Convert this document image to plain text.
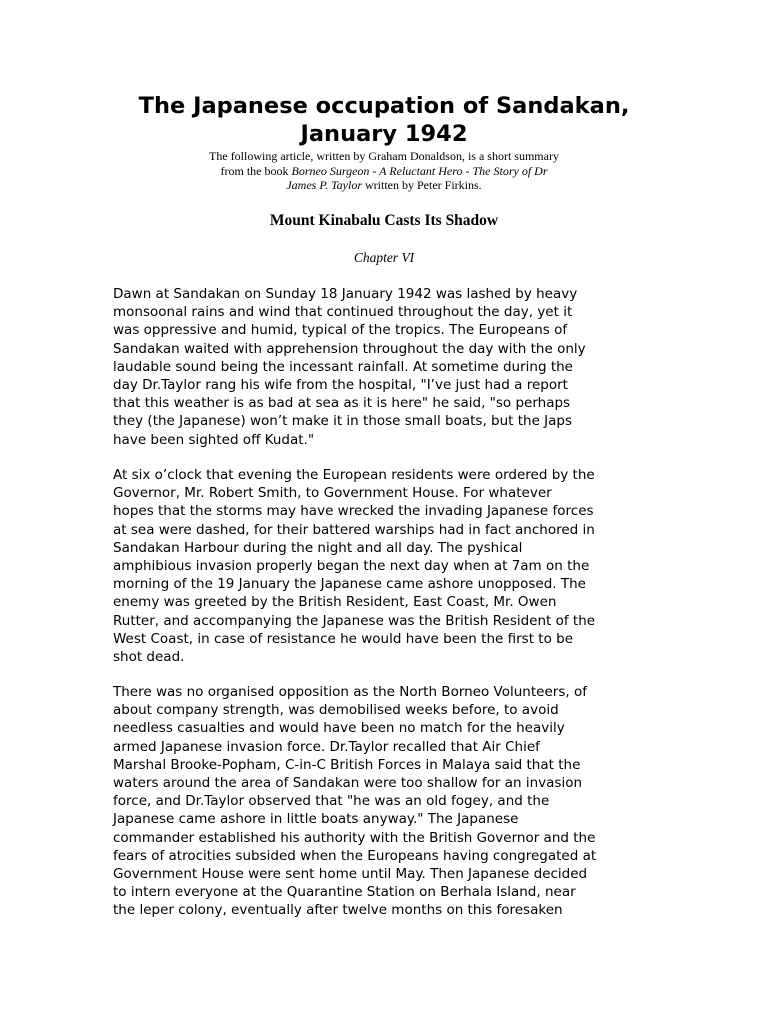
The Japanese occupation of Sandakan,
January 1942

The following article, written by Graham Donaldson, is a short summary
from the book Borneo Surgeon - A Reluctant Hero - The Story of Dr
James P. Taylor written by Peter Firkins.

Mount Kinabalu Casts Its Shadow

Chapter VI

Dawn at Sandakan on Sunday 18 January 1942 was lashed by heavy
monsoonal rains and wind that continued throughout the day, yet it
was oppressive and humid, typical of the tropics. The Europeans of
Sandakan waited with apprehension throughout the day with the only
laudable sound being the incessant rainfall. At sometime during the
day Dr.Taylor rang his wife from the hospital, "I’ve just had a report
that this weather is as bad at sea as it is here" he said, "so perhaps
they (the Japanese) won’t make it in those small boats, but the Japs
have been sighted off Kudat."

At six o’clock that evening the European residents were ordered by the
Governor, Mr. Robert Smith, to Government House. For whatever
hopes that the storms may have wrecked the invading Japanese forces
at sea were dashed, for their battered warships had in fact anchored in
Sandakan Harbour during the night and all day. The pyshical
amphibious invasion properly began the next day when at 7am on the
morning of the 19 January the Japanese came ashore unopposed. The
enemy was greeted by the British Resident, East Coast, Mr. Owen
Rutter, and accompanying the Japanese was the British Resident of the
West Coast, in case of resistance he would have been the first to be
shot dead.

There was no organised opposition as the North Borneo Volunteers, of
about company strength, was demobilised weeks before, to avoid
needless casualties and would have been no match for the heavily
armed Japanese invasion force. Dr.Taylor recalled that Air Chief
Marshal Brooke-Popham, C-in-C British Forces in Malaya said that the
waters around the area of Sandakan were too shallow for an invasion
force, and Dr.Taylor observed that "he was an old fogey, and the
Japanese came ashore in little boats anyway." The Japanese
commander established his authority with the British Governor and the
fears of atrocities subsided when the Europeans having congregated at
Government House were sent home until May. Then Japanese decided
to intern everyone at the Quarantine Station on Berhala Island, near
the leper colony, eventually after twelve months on this foresaken
